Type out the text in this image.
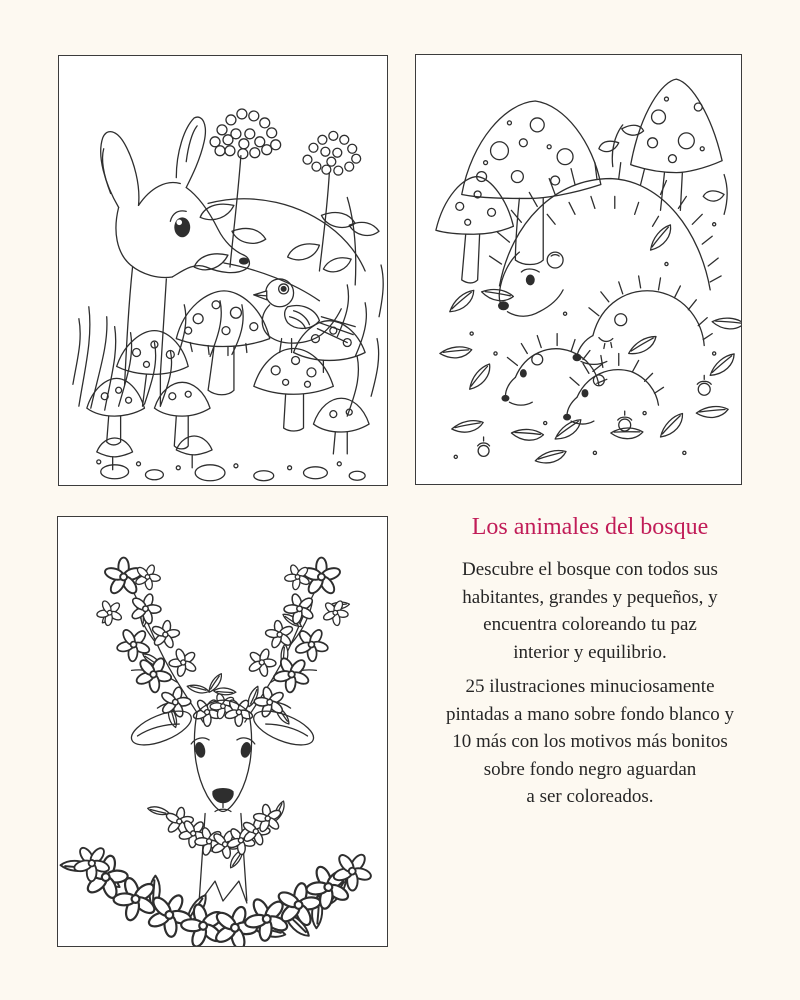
Los animales del bosque

Descubre el bosque con todos sus
habitantes, grandes y pequeños, y
encuentra coloreando tu paz
interior y equilibrio.

25 ilustraciones minuciosamente
pintadas a mano sobre fondo blanco y
10 más con los motivos más bonitos
sobre fondo negro aguardan
a ser coloreados.
